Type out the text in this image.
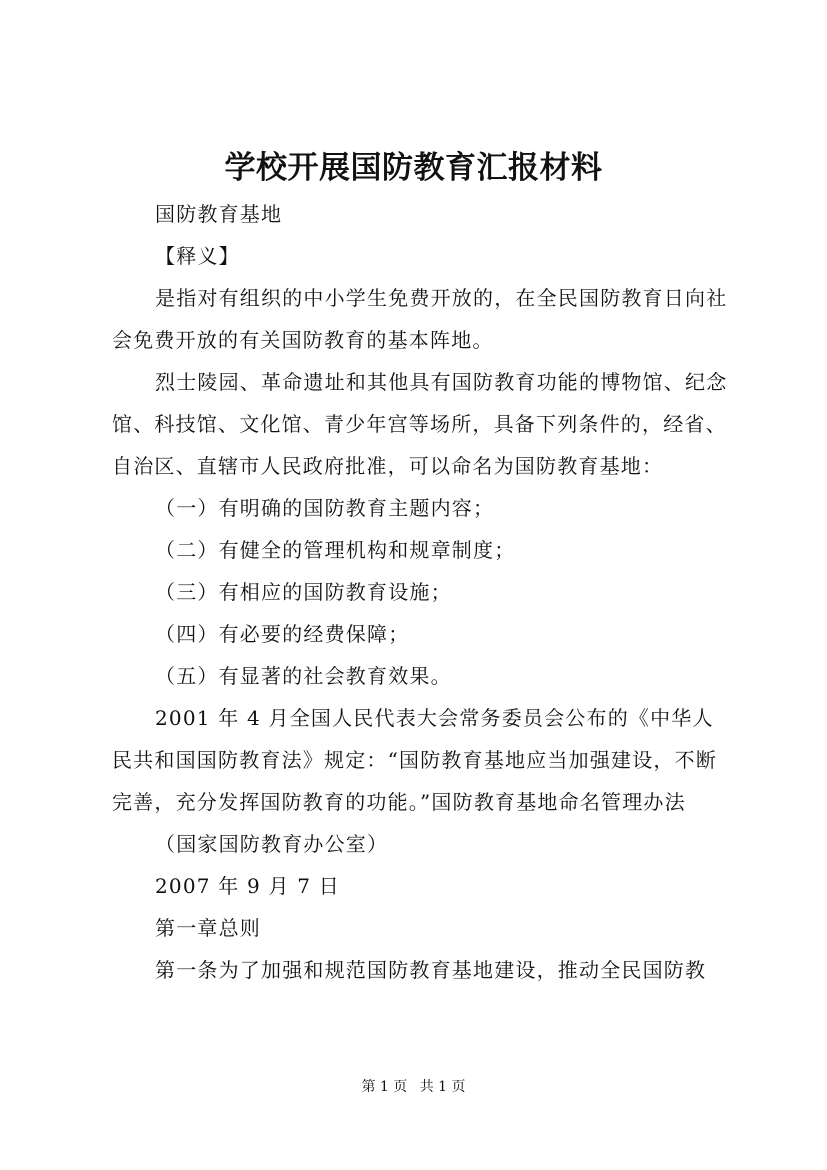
学校开展国防教育汇报材料

国防教育基地

【释义】

是指对有组织的中小学生免费开放的，在全民国防教育日向社会免费开放的有关国防教育的基本阵地。

烈士陵园、革命遗址和其他具有国防教育功能的博物馆、纪念馆、科技馆、文化馆、青少年宫等场所，具备下列条件的，经省、自治区、直辖市人民政府批准，可以命名为国防教育基地：

（一）有明确的国防教育主题内容；

（二）有健全的管理机构和规章制度；

（三）有相应的国防教育设施；

（四）有必要的经费保障；

（五）有显著的社会教育效果。

2001 年 4 月全国人民代表大会常务委员会公布的《中华人民共和国国防教育法》规定：“国防教育基地应当加强建设，不断完善，充分发挥国防教育的功能。”国防教育基地命名管理办法

（国家国防教育办公室）

2007 年 9 月 7 日

第一章总则

第一条为了加强和规范国防教育基地建设，推动全民国防教

第 1 页 共 1 页
